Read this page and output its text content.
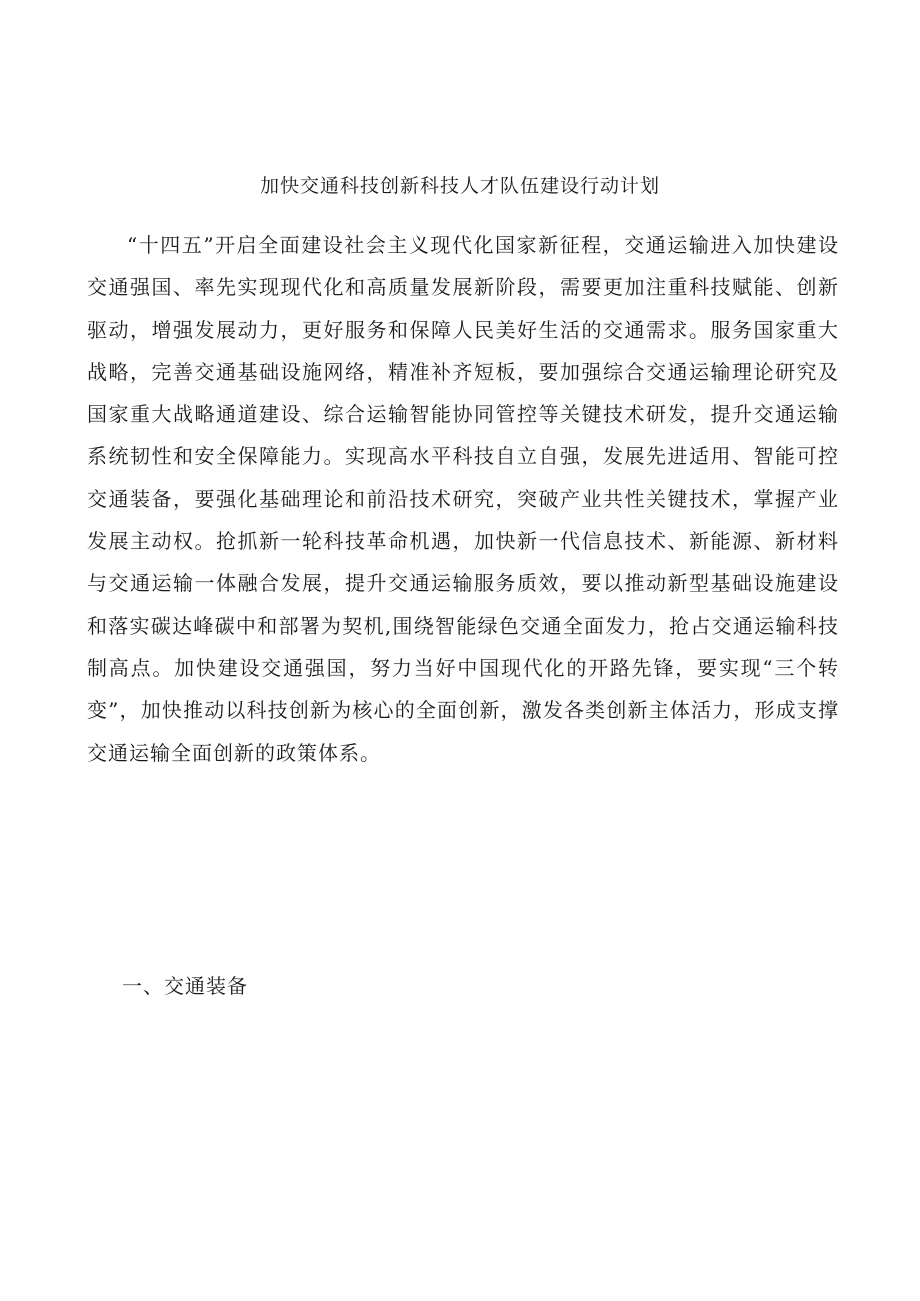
加快交通科技创新科技人才队伍建设行动计划

“十四五”开启全面建设社会主义现代化国家新征程，交通运输进入加快建设交通强国、率先实现现代化和高质量发展新阶段，需要更加注重科技赋能、创新驱动，增强发展动力，更好服务和保障人民美好生活的交通需求。服务国家重大战略，完善交通基础设施网络，精准补齐短板，要加强综合交通运输理论研究及国家重大战略通道建设、综合运输智能协同管控等关键技术研发，提升交通运输系统韧性和安全保障能力。实现高水平科技自立自强，发展先进适用、智能可控交通装备，要强化基础理论和前沿技术研究，突破产业共性关键技术，掌握产业发展主动权。抢抓新一轮科技革命机遇，加快新一代信息技术、新能源、新材料与交通运输一体融合发展，提升交通运输服务质效，要以推动新型基础设施建设和落实碳达峰碳中和部署为契机,围绕智能绿色交通全面发力，抢占交通运输科技制高点。加快建设交通强国，努力当好中国现代化的开路先锋，要实现“三个转变”，加快推动以科技创新为核心的全面创新，激发各类创新主体活力，形成支撑交通运输全面创新的政策体系。

一、交通装备
